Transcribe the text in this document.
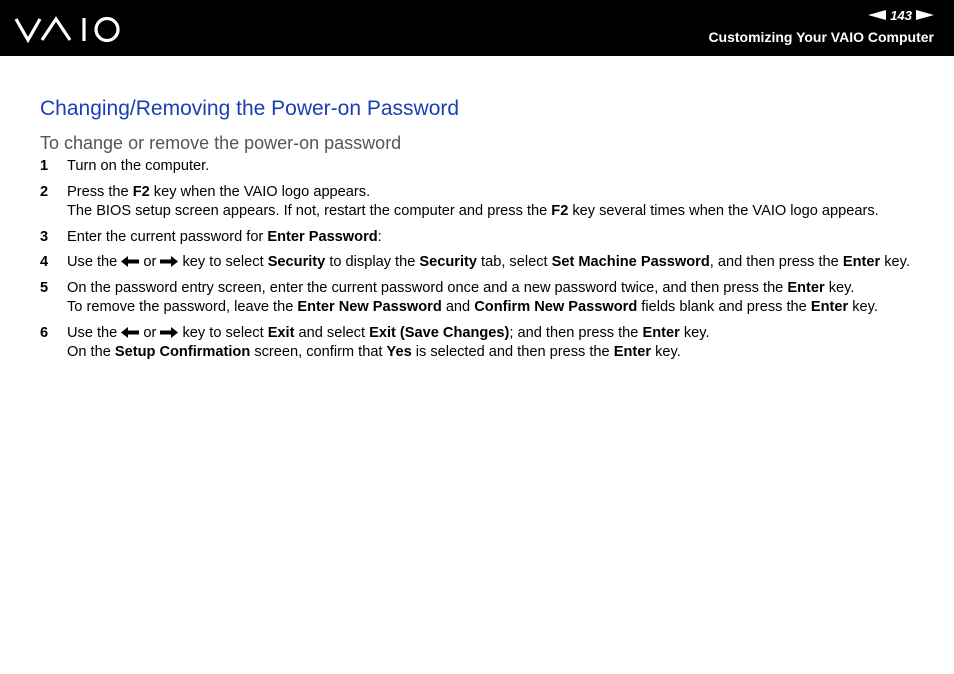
143
Customizing Your VAIO Computer
Changing/Removing the Power-on Password
To change or remove the power-on password
1	Turn on the computer.

2	Press the F2 key when the VAIO logo appears.

The BIOS setup screen appears. If not, restart the computer and press the F2 key several times when the VAIO logo appears.

3	Enter the current password for Enter Password:

4	Use the  or  key to select Security to display the Security tab, select Set Machine Password, and then press the Enter key.

5	On the password entry screen, enter the current password once and a new password twice, and then press the Enter key.

To remove the password, leave the Enter New Password and Confirm New Password fields blank and press the Enter key.

6	Use the  or  key to select Exit and select Exit (Save Changes); and then press the Enter key.

On the Setup Confirmation screen, confirm that Yes is selected and then press the Enter key.
